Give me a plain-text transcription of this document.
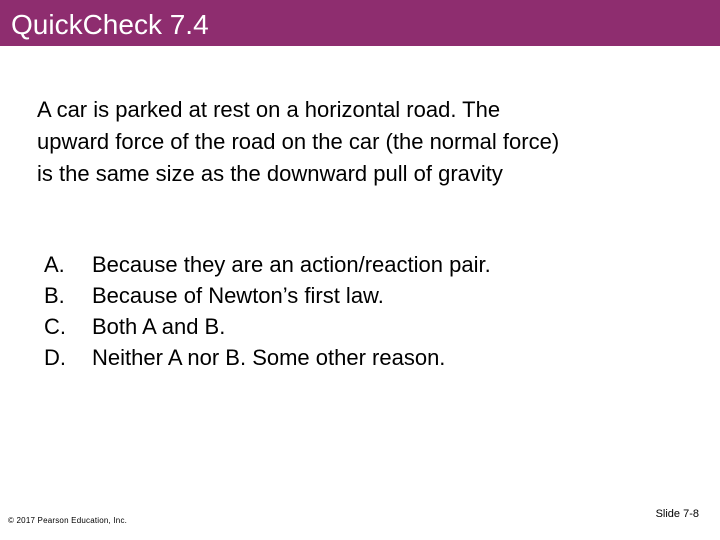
QuickCheck 7.4
A car is parked at rest on a horizontal road. The
upward force of the road on the car (the normal force)
is the same size as the downward pull of gravity
A.	Because they are an action/reaction pair.
B.	Because of Newton’s first law.
C.	Both A and B.
D.	Neither A nor B. Some other reason.
© 2017 Pearson Education, Inc.
Slide 7-8
